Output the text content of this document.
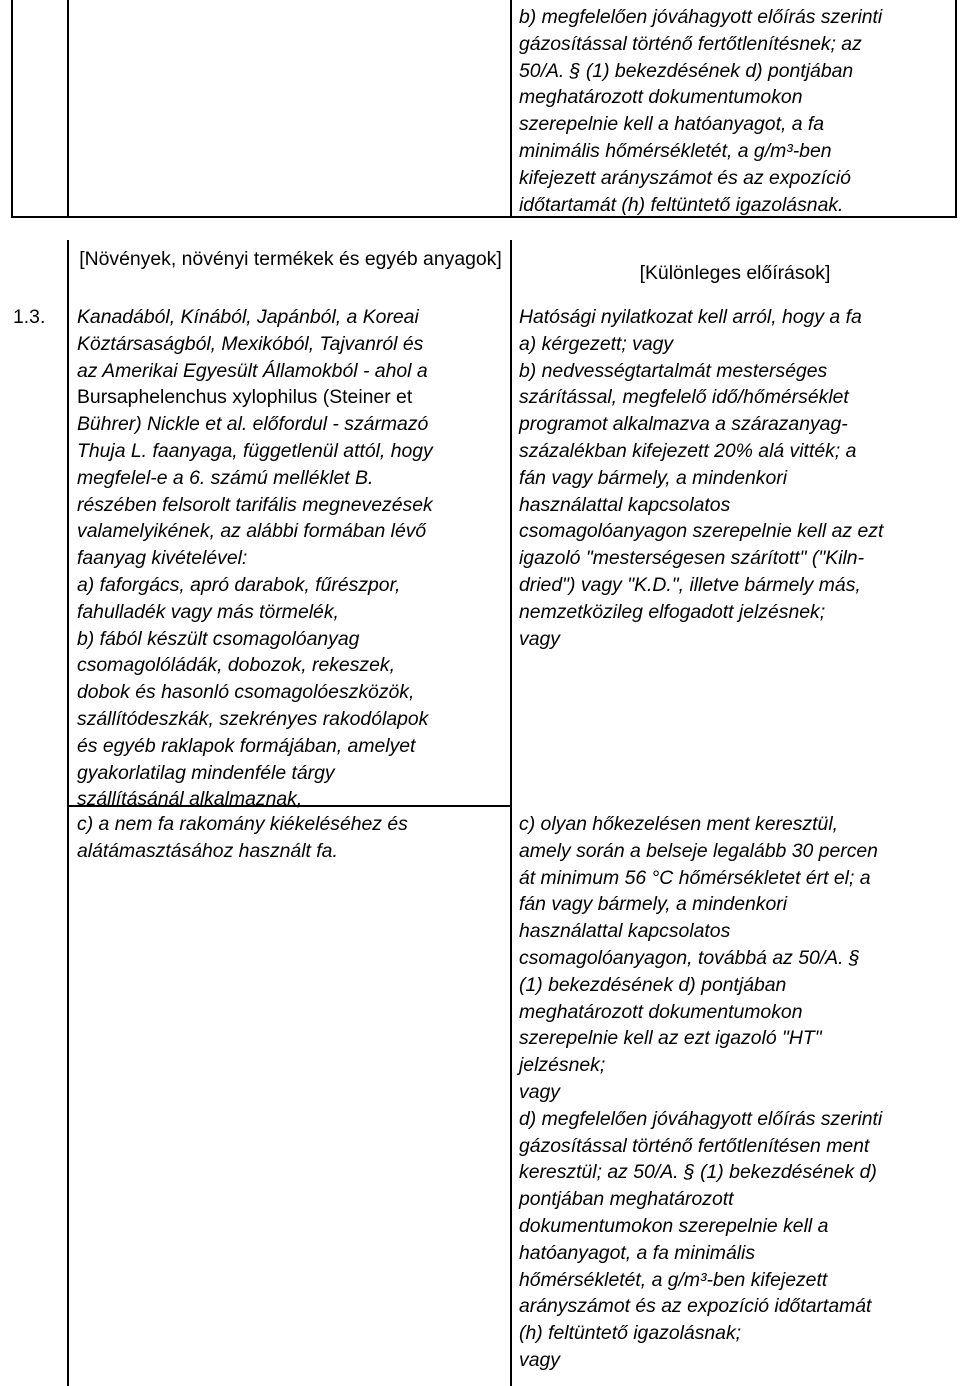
b) megfelelően jóváhagyott előírás szerinti

gázosítással történő fertőtlenítésnek; az

50/A. § (1) bekezdésének d) pontjában

meghatározott dokumentumokon

szerepelnie kell a hatóanyagot, a fa

minimális hőmérsékletét, a g/m³-ben

kifejezett arányszámot és az expozíció

időtartamát (h) feltüntető igazolásnak.

1.3.

[Növények, növényi termékek és egyéb anyagok]

[Különleges előírások]

Kanadából, Kínából, Japánból, a Koreai

Köztársaságból, Mexikóból, Tajvanról és

az Amerikai Egyesült Államokból - ahol a

Bursaphelenchus xylophilus (Steiner et

Bührer) Nickle et al. előfordul - származó

Thuja L. faanyaga, függetlenül attól, hogy

megfelel-e a 6. számú melléklet B.

részében felsorolt tarifális megnevezések

valamelyikének, az alábbi formában lévő

faanyag kivételével:

a) faforgács, apró darabok, fűrészpor,

fahulladék vagy más törmelék,

b) fából készült csomagolóanyag

csomagolóládák, dobozok, rekeszek,

dobok és hasonló csomagolóeszközök,

szállítódeszkák, szekrényes rakodólapok

és egyéb raklapok formájában, amelyet

gyakorlatilag mindenféle tárgy

szállításánál alkalmaznak,

c) a nem fa rakomány kiékeléséhez és

alátámasztásához használt fa.

Hatósági nyilatkozat kell arról, hogy a fa

a) kérgezett; vagy

b) nedvességtartalmát mesterséges

szárítással, megfelelő idő/hőmérséklet

programot alkalmazva a szárazanyag-

százalékban kifejezett 20% alá vitték; a

fán vagy bármely, a mindenkori

használattal kapcsolatos

csomagolóanyagon szerepelnie kell az ezt

igazoló "mesterségesen szárított" ("Kiln-

dried") vagy "K.D.", illetve bármely más,

nemzetközileg elfogadott jelzésnek;

vagy

c) olyan hőkezelésen ment keresztül,

amely során a belseje legalább 30 percen

át minimum 56 °C hőmérsékletet ért el; a

fán vagy bármely, a mindenkori

használattal kapcsolatos

csomagolóanyagon, továbbá az 50/A. §

(1) bekezdésének d) pontjában

meghatározott dokumentumokon

szerepelnie kell az ezt igazoló "HT"

jelzésnek;

vagy

d) megfelelően jóváhagyott előírás szerinti

gázosítással történő fertőtlenítésen ment

keresztül; az 50/A. § (1) bekezdésének d)

pontjában meghatározott

dokumentumokon szerepelnie kell a

hatóanyagot, a fa minimális

hőmérsékletét, a g/m³-ben kifejezett

arányszámot és az expozíció időtartamát

(h) feltüntető igazolásnak;

vagy
